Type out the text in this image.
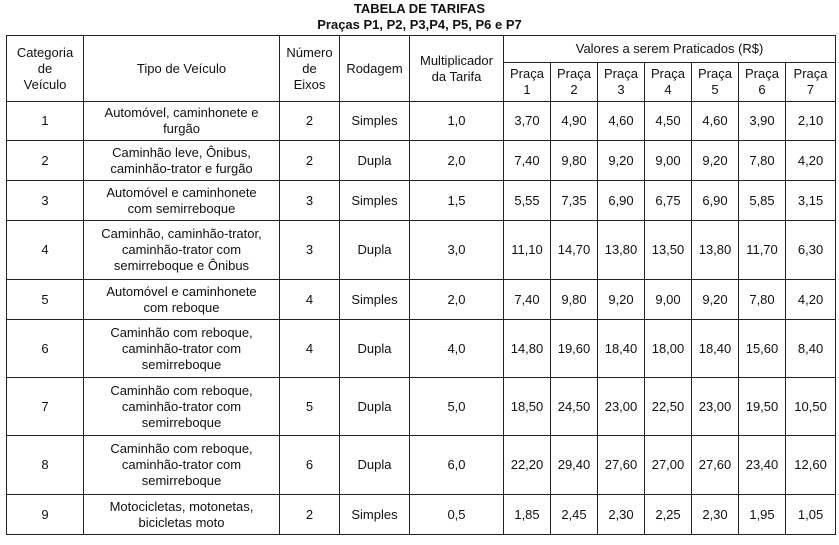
TABELA DE TARIFAS
Praças P1, P2, P3,P4, P5, P6 e P7
Categoria de Veículo	Tipo de Veículo	Número de Eixos	Rodagem	Multiplicador da Tarifa	Valores a serem Praticados (R$)						
					Praça 1	Praça 2	Praça 3	Praça 4	Praça 5	Praça 6	Praça 7
1	Automóvel, caminhonete e furgão	2	Simples	1,0	3,70	4,90	4,60	4,50	4,60	3,90	2,10
2	Caminhão leve, Ônibus, caminhão-trator e furgão	2	Dupla	2,0	7,40	9,80	9,20	9,00	9,20	7,80	4,20
3	Automóvel e caminhonete com semirreboque	3	Simples	1,5	5,55	7,35	6,90	6,75	6,90	5,85	3,15
4	Caminhão, caminhão-trator, caminhão-trator com semirreboque e Ônibus	3	Dupla	3,0	11,10	14,70	13,80	13,50	13,80	11,70	6,30
5	Automóvel e caminhonete com reboque	4	Simples	2,0	7,40	9,80	9,20	9,00	9,20	7,80	4,20
6	Caminhão com reboque, caminhão-trator com semirreboque	4	Dupla	4,0	14,80	19,60	18,40	18,00	18,40	15,60	8,40
7	Caminhão com reboque, caminhão-trator com semirreboque	5	Dupla	5,0	18,50	24,50	23,00	22,50	23,00	19,50	10,50
8	Caminhão com reboque, caminhão-trator com semirreboque	6	Dupla	6,0	22,20	29,40	27,60	27,00	27,60	23,40	12,60
9	Motocicletas, motonetas, bicicletas moto	2	Simples	0,5	1,85	2,45	2,30	2,25	2,30	1,95	1,05
